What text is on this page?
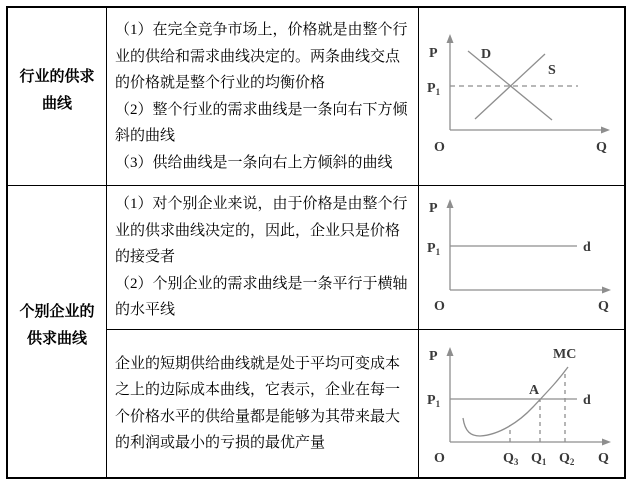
行业的供求曲线

（1）在完全竞争市场上，价格就是由整个行业的供给和需求曲线决定的。两条曲线交点的价格就是整个行业的均衡价格

（2）整个行业的需求曲线是一条向右下方倾斜的曲线

（3）供给曲线是一条向右上方倾斜的曲线

P	D
S
$P_1$
O	Q
个别企业的供求曲线

（1）对个别企业来说，由于价格是由整个行业的供求曲线决定的，因此，企业只是价格的接受者

（2）个别企业的需求曲线是一条平行于横轴的水平线

P
$P_1$	d
O	Q

企业的短期供给曲线就是处于平均可变成本之上的边际成本曲线，它表示，企业在每一个价格水平的供给量都是能够为其带来最大的利润或最小的亏损的最优产量

P	MC
$P_1$
A
d
O	$Q_3$ $Q_1$ $Q_2$ Q
